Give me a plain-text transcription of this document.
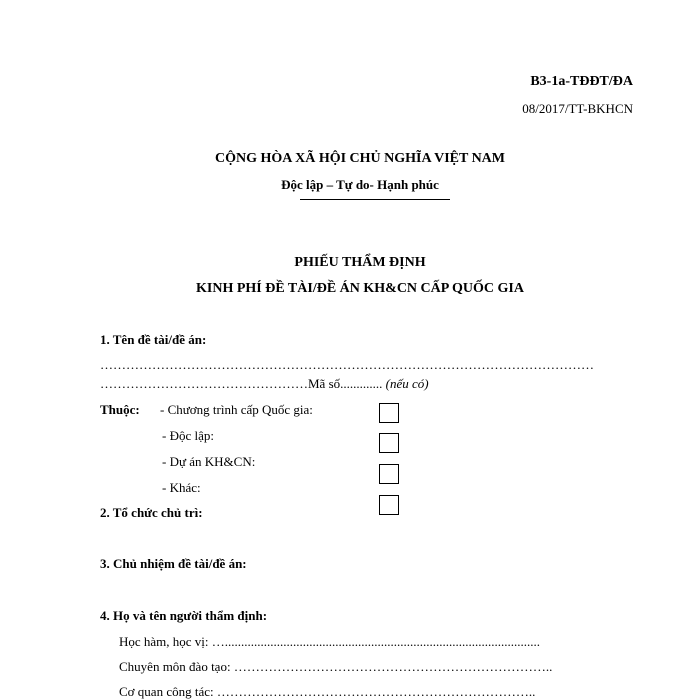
B3-1a-TĐĐT/ĐA
08/2017/TT-BKHCN
CỘNG HÒA XÃ HỘI CHỦ NGHĨA VIỆT NAM
Độc lập – Tự do- Hạnh phúc
PHIẾU THẨM ĐỊNH
KINH PHÍ ĐỀ TÀI/ĐỀ ÁN KH&CN CẤP QUỐC GIA
1. Tên đề tài/đề án:
……………………………………………………………………………………………………
…………………………………………Mã số............. (nếu có)
Thuộc: - Chương trình cấp Quốc gia:
- Độc lập:
- Dự án KH&CN:
- Khác:
2. Tổ chức chủ trì:
3. Chủ nhiệm đề tài/đề án:
4. Họ và tên người thẩm định:
Học hàm, học vị: ….................................................................................................
Chuyên môn đào tạo: ………………………………………………………………..
Cơ quan công tác: ………………………………………………………………..
